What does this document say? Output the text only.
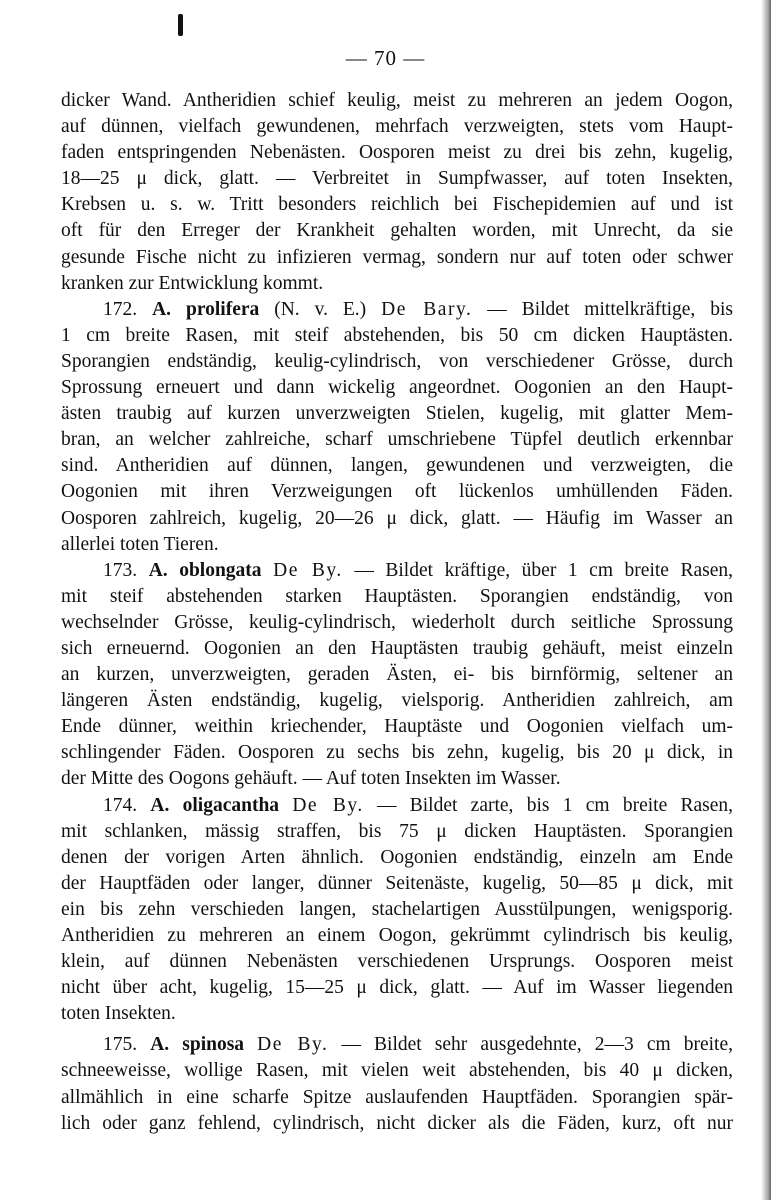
— 70 —
dicker Wand. Antheridien schief keulig, meist zu mehreren an jedem Oogon,
auf dünnen, vielfach gewundenen, mehrfach verzweigten, stets vom Haupt-
faden entspringenden Nebenästen. Oosporen meist zu drei bis zehn, kugelig,
18—25 μ dick, glatt. — Verbreitet in Sumpfwasser, auf toten Insekten,
Krebsen u. s. w. Tritt besonders reichlich bei Fischepidemien auf und ist
oft für den Erreger der Krankheit gehalten worden, mit Unrecht, da sie
gesunde Fische nicht zu infizieren vermag, sondern nur auf toten oder schwer
kranken zur Entwicklung kommt.
172. A. prolifera (N. v. E.) De Bary. — Bildet mittelkräftige, bis
1 cm breite Rasen, mit steif abstehenden, bis 50 cm dicken Hauptästen.
Sporangien endständig, keulig-cylindrisch, von verschiedener Grösse, durch
Sprossung erneuert und dann wickelig angeordnet. Oogonien an den Haupt-
ästen traubig auf kurzen unverzweigten Stielen, kugelig, mit glatter Mem-
bran, an welcher zahlreiche, scharf umschriebene Tüpfel deutlich erkennbar
sind. Antheridien auf dünnen, langen, gewundenen und verzweigten, die
Oogonien mit ihren Verzweigungen oft lückenlos umhüllenden Fäden.
Oosporen zahlreich, kugelig, 20—26 μ dick, glatt. — Häufig im Wasser an
allerlei toten Tieren.
173. A. oblongata De By. — Bildet kräftige, über 1 cm breite Rasen,
mit steif abstehenden starken Hauptästen. Sporangien endständig, von
wechselnder Grösse, keulig-cylindrisch, wiederholt durch seitliche Sprossung
sich erneuernd. Oogonien an den Hauptästen traubig gehäuft, meist einzeln
an kurzen, unverzweigten, geraden Ästen, ei- bis birnförmig, seltener an
längeren Ästen endständig, kugelig, vielsporig. Antheridien zahlreich, am
Ende dünner, weithin kriechender, Hauptäste und Oogonien vielfach um-
schlingender Fäden. Oosporen zu sechs bis zehn, kugelig, bis 20 μ dick, in
der Mitte des Oogons gehäuft. — Auf toten Insekten im Wasser.
174. A. oligacantha De By. — Bildet zarte, bis 1 cm breite Rasen,
mit schlanken, mässig straffen, bis 75 μ dicken Hauptästen. Sporangien
denen der vorigen Arten ähnlich. Oogonien endständig, einzeln am Ende
der Hauptfäden oder langer, dünner Seitenäste, kugelig, 50—85 μ dick, mit
ein bis zehn verschieden langen, stachelartigen Ausstülpungen, wenigsporig.
Antheridien zu mehreren an einem Oogon, gekrümmt cylindrisch bis keulig,
klein, auf dünnen Nebenästen verschiedenen Ursprungs. Oosporen meist
nicht über acht, kugelig, 15—25 μ dick, glatt. — Auf im Wasser liegenden
toten Insekten.
175. A. spinosa De By. — Bildet sehr ausgedehnte, 2—3 cm breite,
schneeweisse, wollige Rasen, mit vielen weit abstehenden, bis 40 μ dicken,
allmählich in eine scharfe Spitze auslaufenden Hauptfäden. Sporangien spär-
lich oder ganz fehlend, cylindrisch, nicht dicker als die Fäden, kurz, oft nur
